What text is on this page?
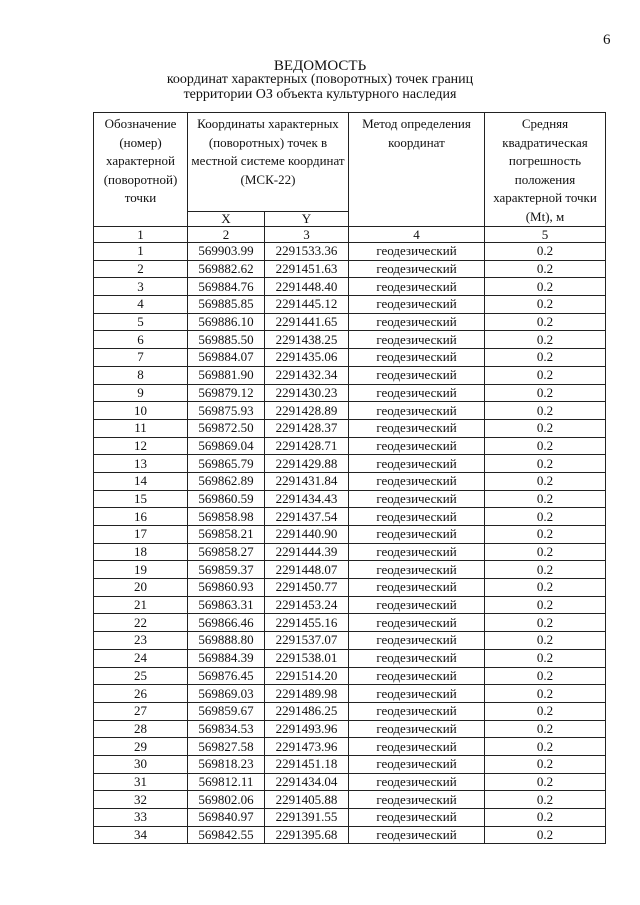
6
ВЕДОМОСТЬ
координат характерных (поворотных) точек границ
территории ОЗ объекта культурного наследия
Обозначение (номер) характерной (поворотной) точки	Координаты характерных (поворотных) точек в местной системе координат (МСК-22)		Метод определения координат	Средняя квадратическая погрешность положения характерной точки (Mt), м
	X	Y		
1	2	3	4	5
1	569903.99	2291533.36	геодезический	0.2
2	569882.62	2291451.63	геодезический	0.2
3	569884.76	2291448.40	геодезический	0.2
4	569885.85	2291445.12	геодезический	0.2
5	569886.10	2291441.65	геодезический	0.2
6	569885.50	2291438.25	геодезический	0.2
7	569884.07	2291435.06	геодезический	0.2
8	569881.90	2291432.34	геодезический	0.2
9	569879.12	2291430.23	геодезический	0.2
10	569875.93	2291428.89	геодезический	0.2
11	569872.50	2291428.37	геодезический	0.2
12	569869.04	2291428.71	геодезический	0.2
13	569865.79	2291429.88	геодезический	0.2
14	569862.89	2291431.84	геодезический	0.2
15	569860.59	2291434.43	геодезический	0.2
16	569858.98	2291437.54	геодезический	0.2
17	569858.21	2291440.90	геодезический	0.2
18	569858.27	2291444.39	геодезический	0.2
19	569859.37	2291448.07	геодезический	0.2
20	569860.93	2291450.77	геодезический	0.2
21	569863.31	2291453.24	геодезический	0.2
22	569866.46	2291455.16	геодезический	0.2
23	569888.80	2291537.07	геодезический	0.2
24	569884.39	2291538.01	геодезический	0.2
25	569876.45	2291514.20	геодезический	0.2
26	569869.03	2291489.98	геодезический	0.2
27	569859.67	2291486.25	геодезический	0.2
28	569834.53	2291493.96	геодезический	0.2
29	569827.58	2291473.96	геодезический	0.2
30	569818.23	2291451.18	геодезический	0.2
31	569812.11	2291434.04	геодезический	0.2
32	569802.06	2291405.88	геодезический	0.2
33	569840.97	2291391.55	геодезический	0.2
34	569842.55	2291395.68	геодезический	0.2
